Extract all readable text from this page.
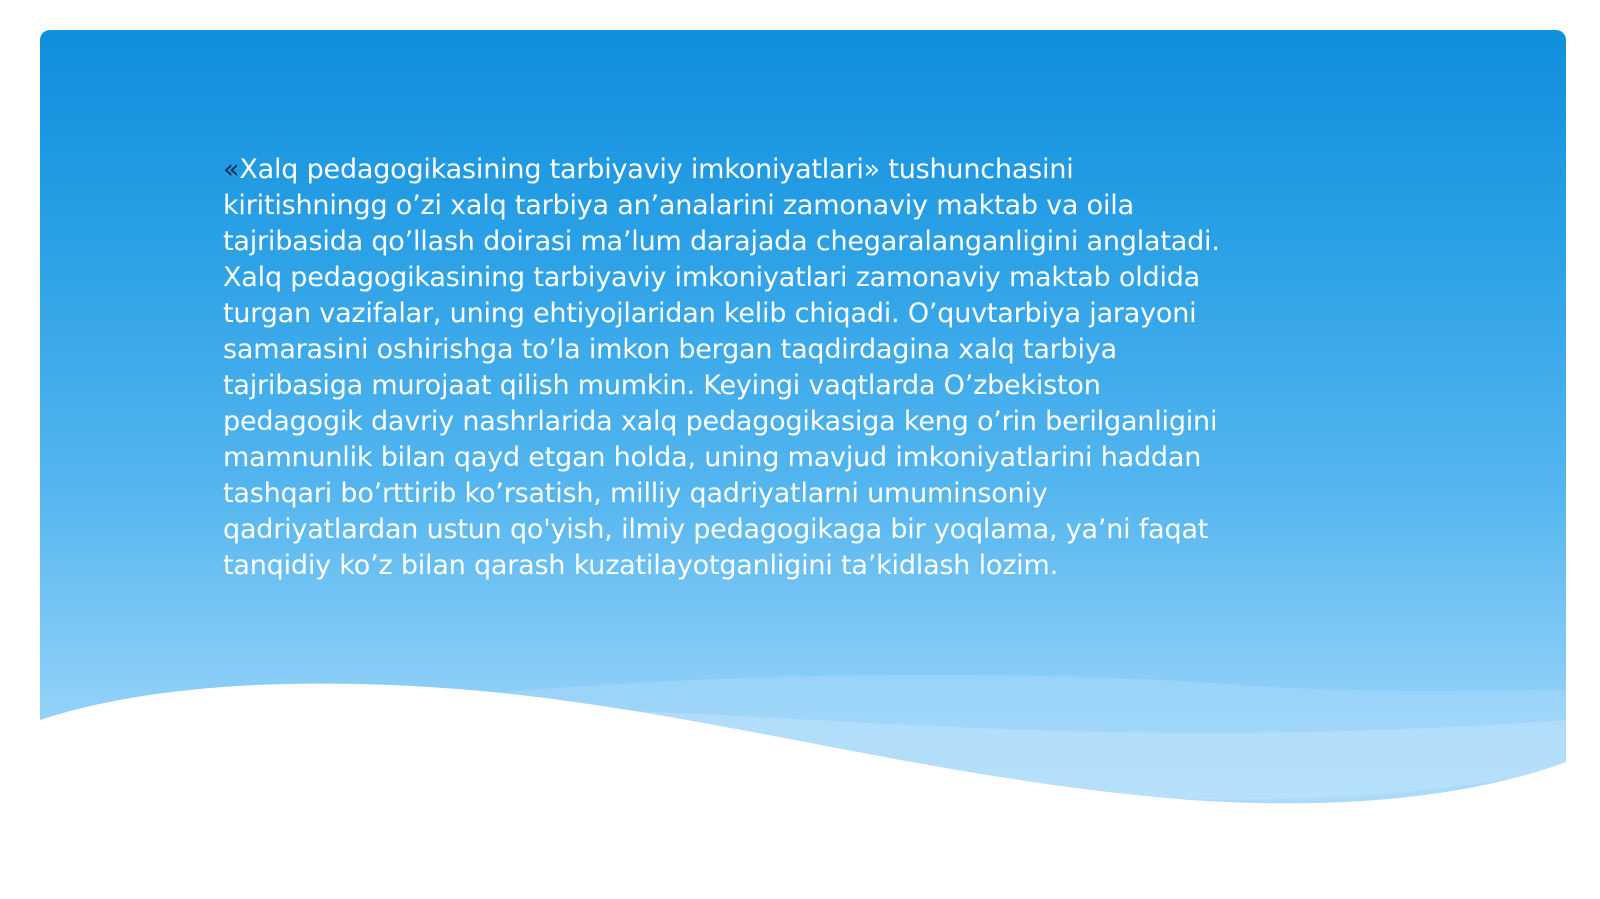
«Xalq pedagogikasining tarbiyaviy imkoniyatlari» tushunchasini kiritishningg o’zi xalq tarbiya an’analarini zamonaviy maktab va oila tajribasida qo’llash doirasi ma’lum darajada chegaralanganligini anglatadi. Xalq pedagogikasining tarbiyaviy imkoniyatlari zamonaviy maktab oldida turgan vazifalar, uning ehtiyojlaridan kelib chiqadi. O’quvtarbiya jarayoni samarasini oshirishga to’la imkon bergan taqdirdagina xalq tarbiya tajribasiga murojaat qilish mumkin. Keyingi vaqtlarda O’zbekiston pedagogik davriy nashrlarida xalq pedagogikasiga keng o’rin berilganligini mamnunlik bilan qayd etgan holda, uning mavjud imkoniyatlarini haddan tashqari bo’rttirib ko’rsatish, milliy qadriyatlarni umuminsoniy qadriyatlardan ustun qo'yish, ilmiy pedagogikaga bir yoqlama, ya’ni faqat tanqidiy ko’z bilan qarash kuzatilayotganligini ta’kidlash lozim.
